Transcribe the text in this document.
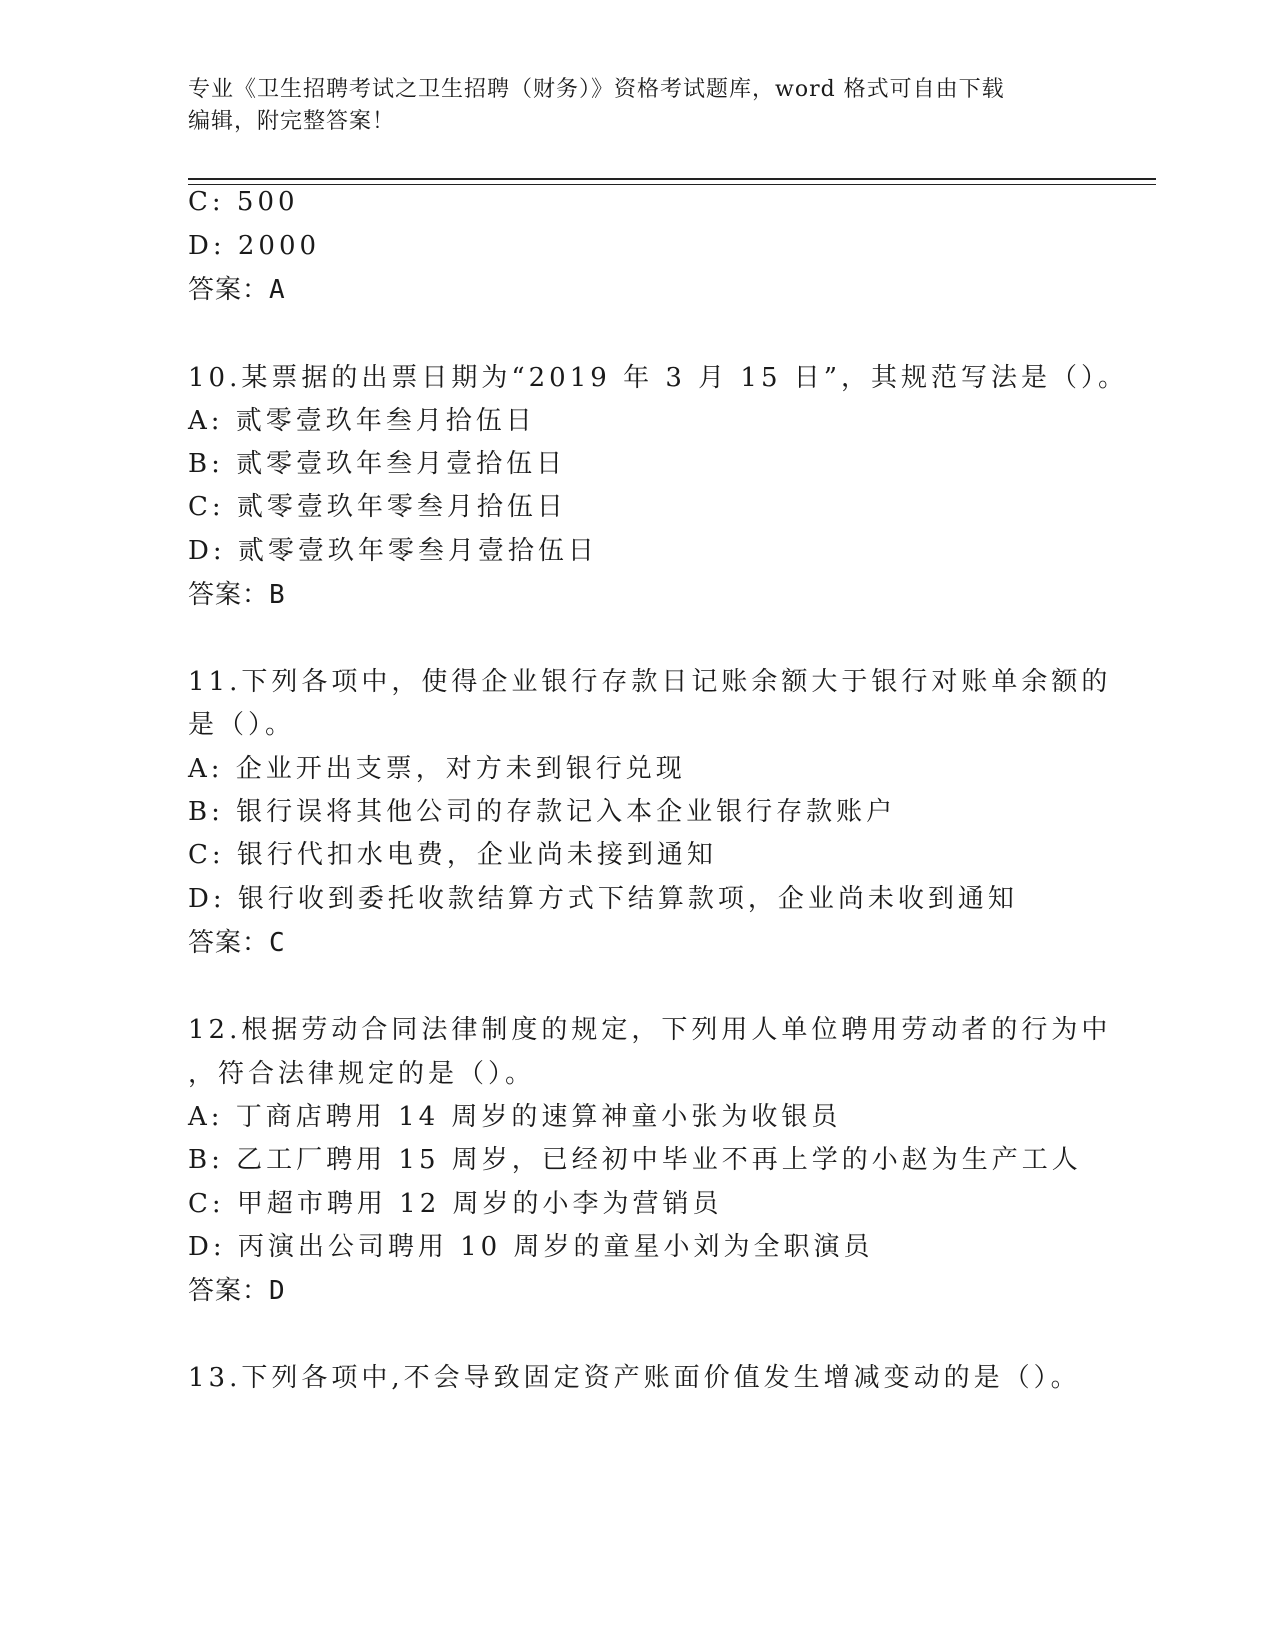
专业《卫生招聘考试之卫生招聘（财务）》资格考试题库，word 格式可自由下载
编辑，附完整答案！
C: 500
D: 2000
答案：A
10.某票据的出票日期为“2019 年 3 月 15 日”，其规范写法是（）。
A: 贰零壹玖年叁月拾伍日
B: 贰零壹玖年叁月壹拾伍日
C: 贰零壹玖年零叁月拾伍日
D: 贰零壹玖年零叁月壹拾伍日
答案：B
11.下列各项中，使得企业银行存款日记账余额大于银行对账单余额的
是（）。
A: 企业开出支票，对方未到银行兑现
B: 银行误将其他公司的存款记入本企业银行存款账户
C: 银行代扣水电费，企业尚未接到通知
D: 银行收到委托收款结算方式下结算款项，企业尚未收到通知
答案：C
12.根据劳动合同法律制度的规定，下列用人单位聘用劳动者的行为中
，符合法律规定的是（）。
A: 丁商店聘用 14 周岁的速算神童小张为收银员
B: 乙工厂聘用 15 周岁，已经初中毕业不再上学的小赵为生产工人
C: 甲超市聘用 12 周岁的小李为营销员
D: 丙演出公司聘用 10 周岁的童星小刘为全职演员
答案：D
13.下列各项中,不会导致固定资产账面价值发生增减变动的是（）。
